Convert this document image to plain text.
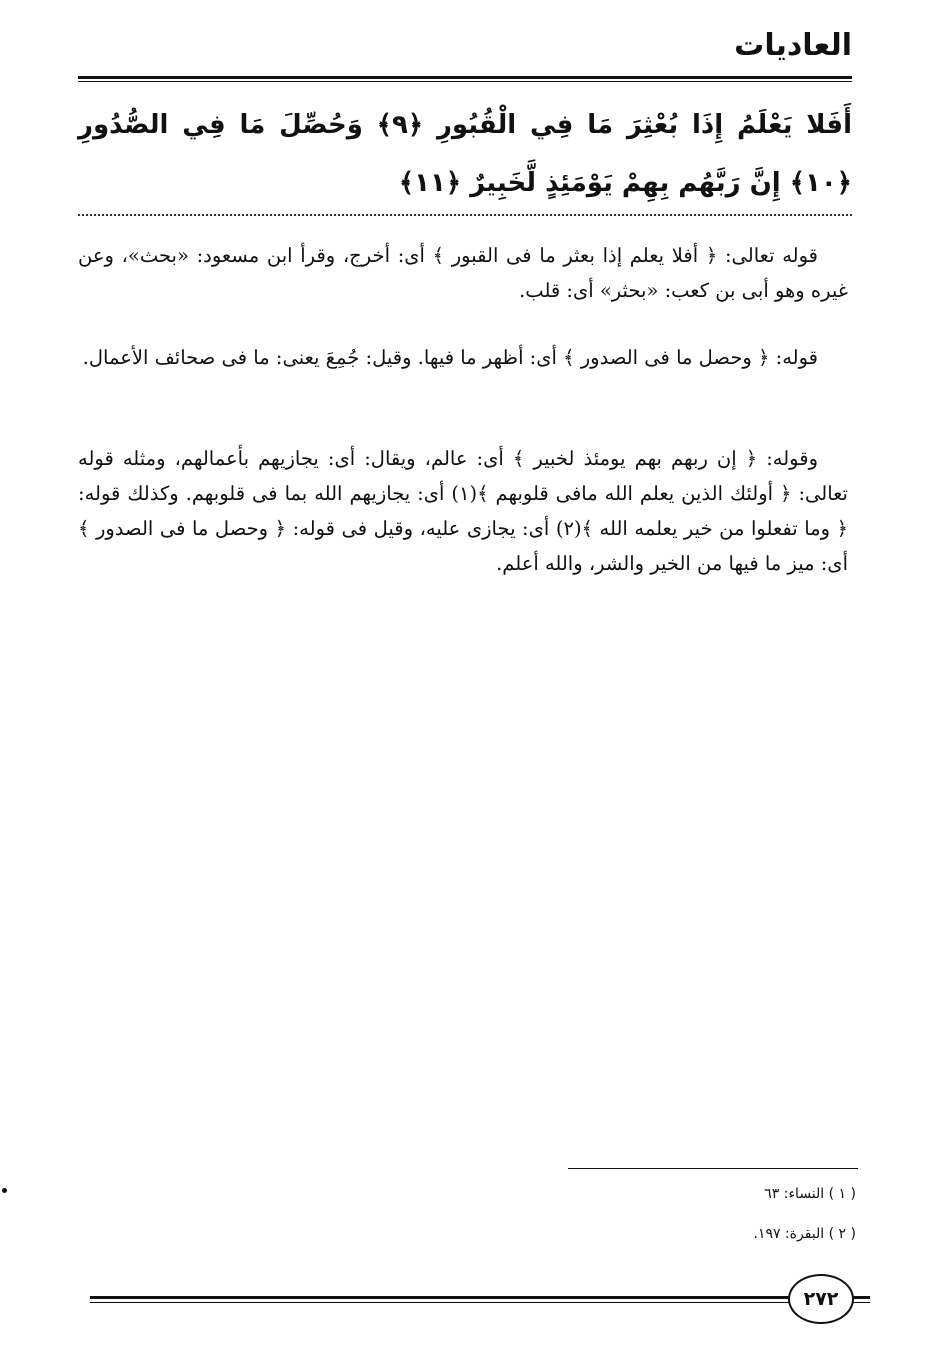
العاديات
أَفَلا يَعْلَمُ إِذَا بُعْثِرَ مَا فِي الْقُبُورِ ﴿٩﴾ وَحُصِّلَ مَا فِي الصُّدُورِ ﴿١٠﴾ إِنَّ رَبَّهُم بِهِمْ يَوْمَئِذٍ لَّخَبِيرٌ ﴿١١﴾

قوله تعالى: ﴿ أفلا يعلم إذا بعثر ما فى القبور ﴾ أى: أخرج، وقرأ ابن مسعود: «بحث»، وعن غيره وهو أبى بن كعب: «بحثر» أى: قلب.

قوله: ﴿ وحصل ما فى الصدور ﴾ أى: أظهر ما فيها. وقيل: جُمِعَ يعنى: ما فى صحائف الأعمال.

وقوله: ﴿ إن ربهم بهم يومئذ لخبير ﴾ أى: عالم، ويقال: أى: يجازيهم بأعمالهم، ومثله قوله تعالى: ﴿ أولئك الذين يعلم الله مافى قلوبهم ﴾(١) أى: يجازيهم الله بما فى قلوبهم. وكذلك قوله: ﴿ وما تفعلوا من خير يعلمه الله ﴾(٢) أى: يجازى عليه، وقيل فى قوله: ﴿ وحصل ما فى الصدور ﴾ أى: ميز ما فيها من الخير والشر، والله أعلم.

( ١ ) النساء: ٦٣
( ٢ ) البقرة: ١٩٧.
٢٧٢
